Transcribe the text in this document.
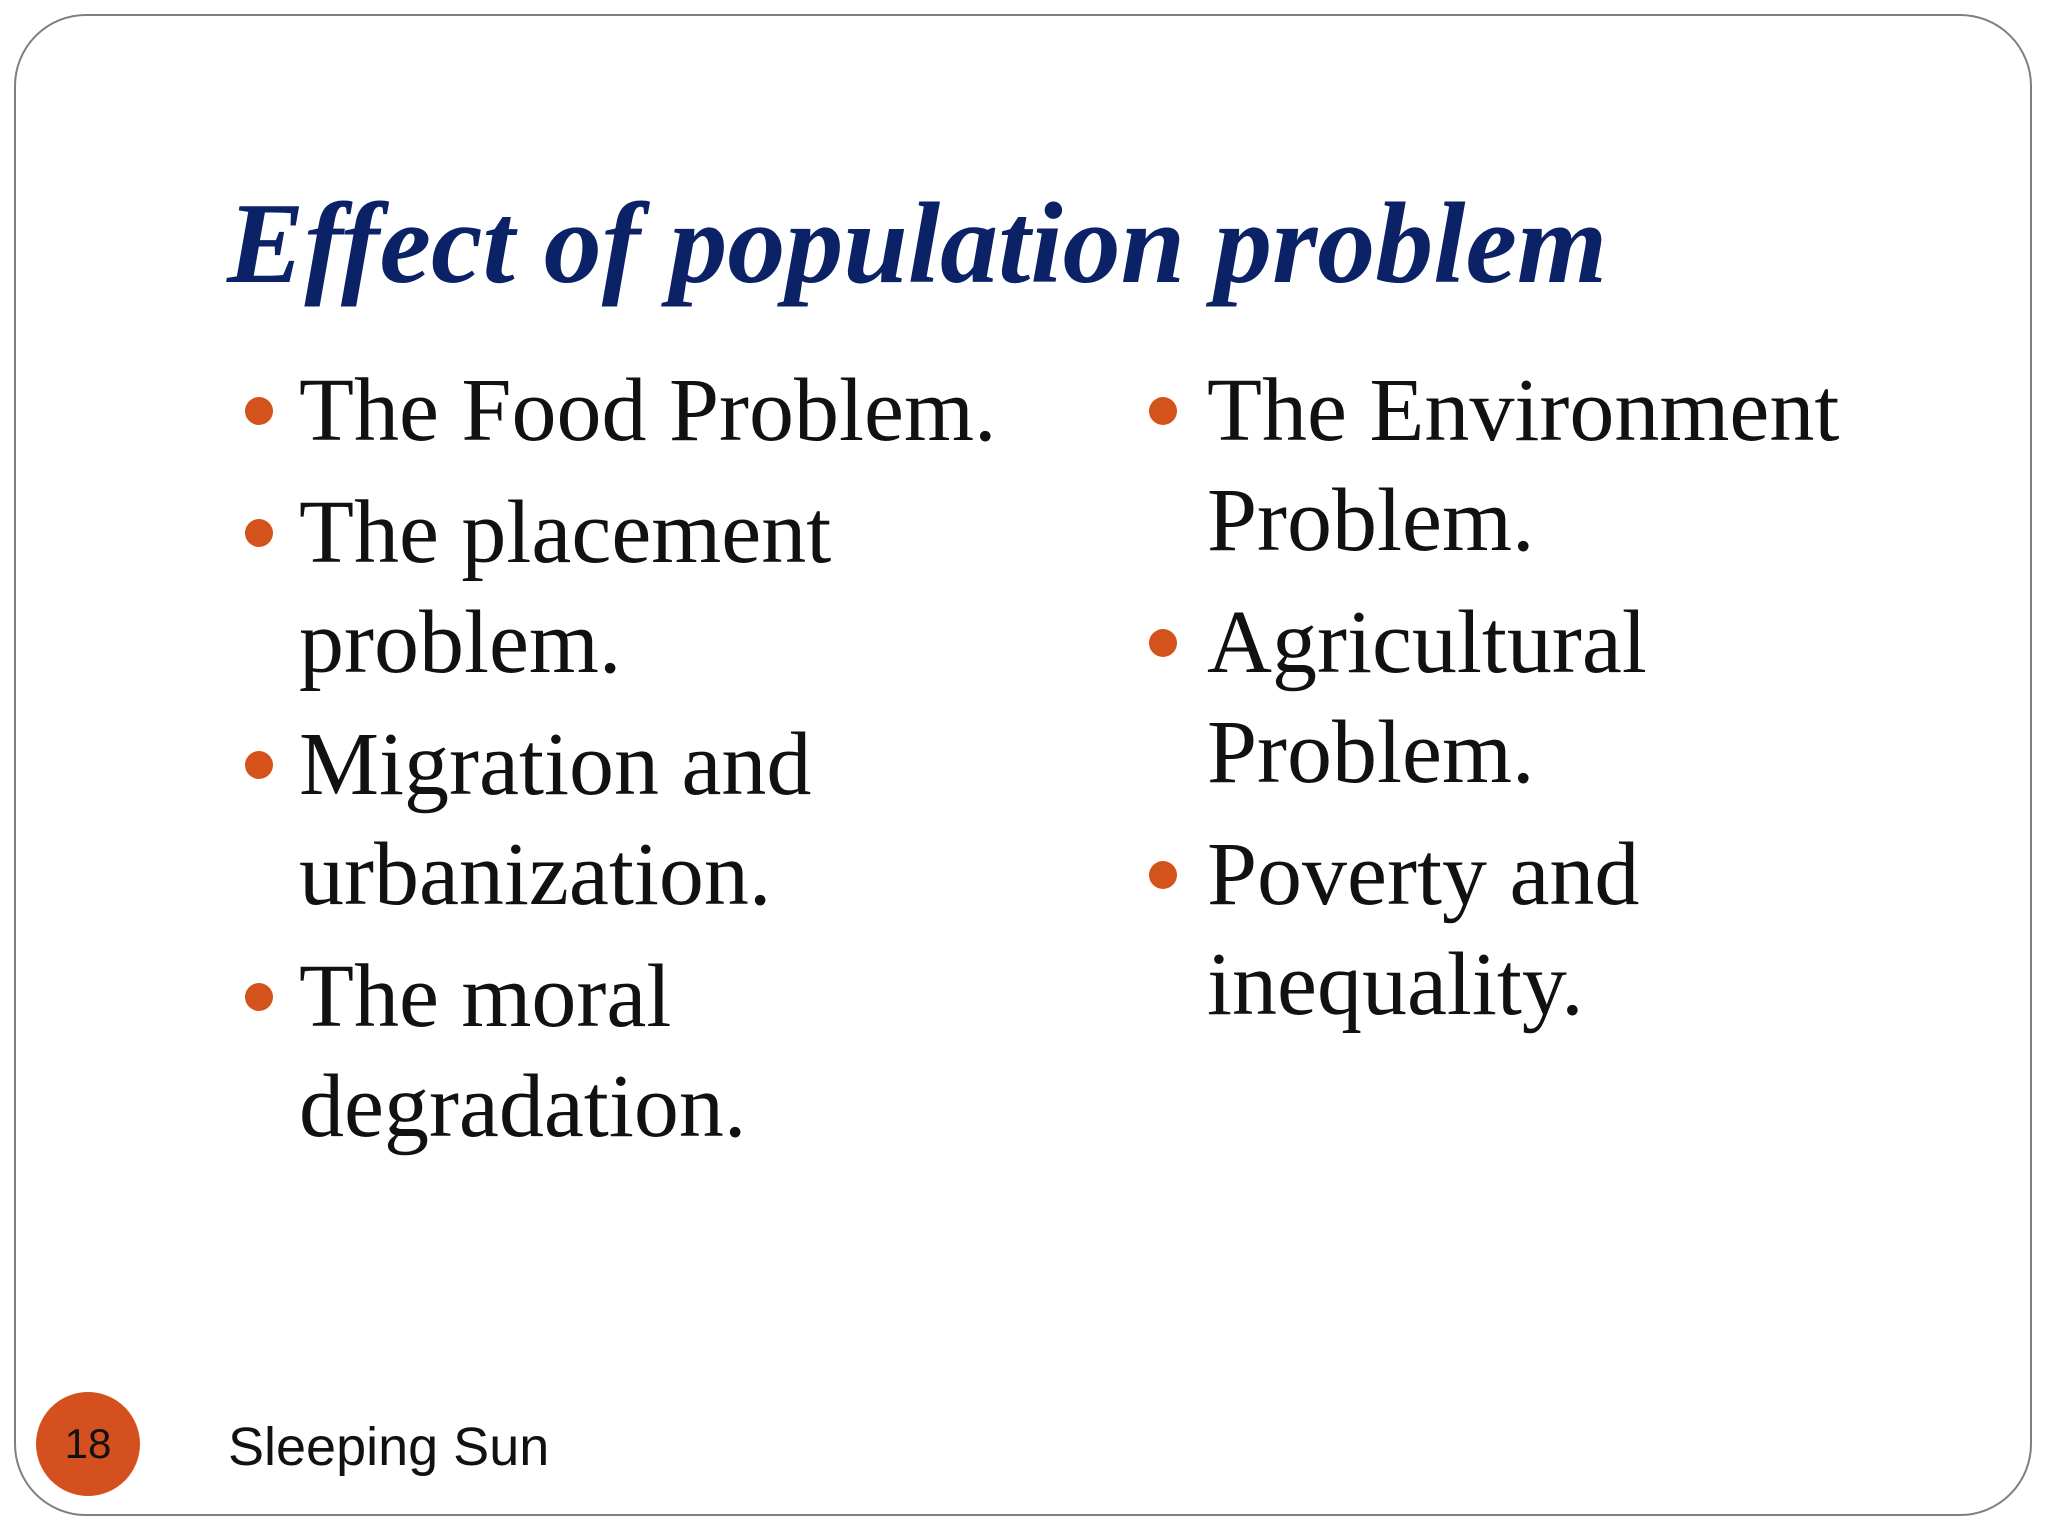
Effect of population problem
The Food Problem.
The placement problem.
Migration and urbanization.
The moral degradation.
The Environment Problem.
Agricultural Problem.
Poverty and inequality.
18 Sleeping Sun
